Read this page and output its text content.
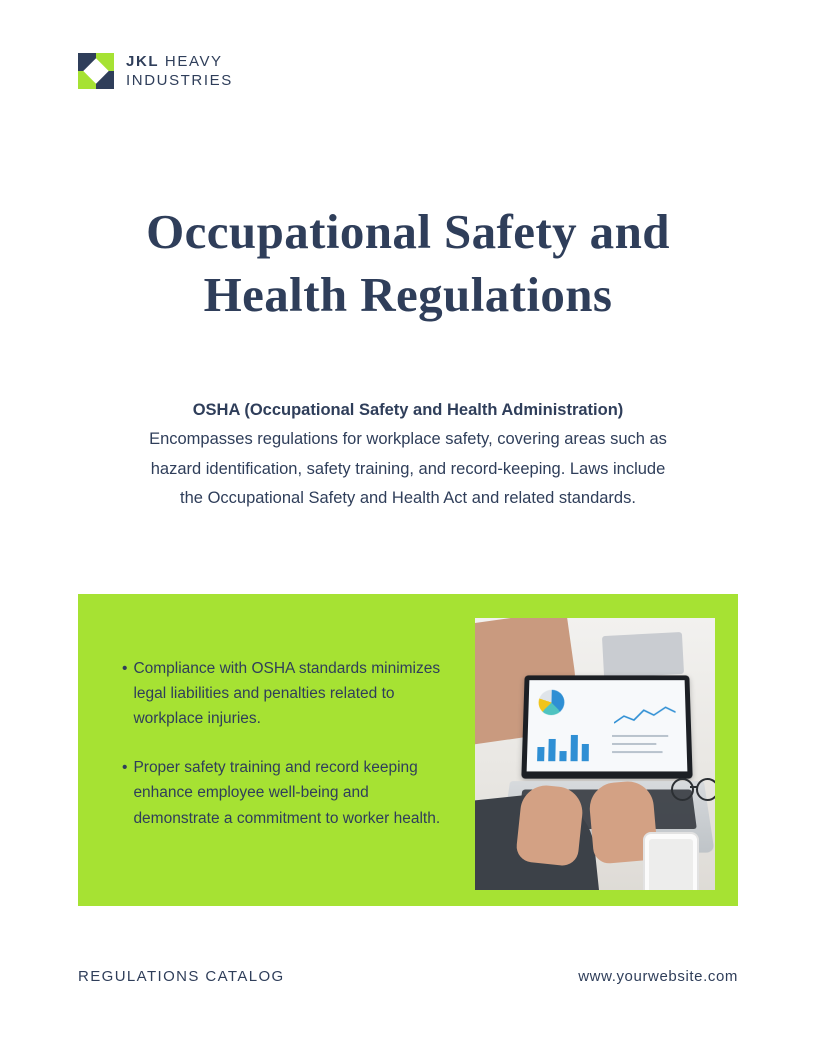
JKL HEAVY
INDUSTRIES
Occupational Safety and Health Regulations
OSHA (Occupational Safety and Health Administration)
Encompasses regulations for workplace safety, covering areas such as hazard identification, safety training, and record-keeping. Laws include the Occupational Safety and Health Act and related standards.
• Compliance with OSHA standards minimizes legal liabilities and penalties related to workplace injuries.
• Proper safety training and record keeping enhance employee well-being and demonstrate a commitment to worker health.
REGULATIONS CATALOG	www.yourwebsite.com
